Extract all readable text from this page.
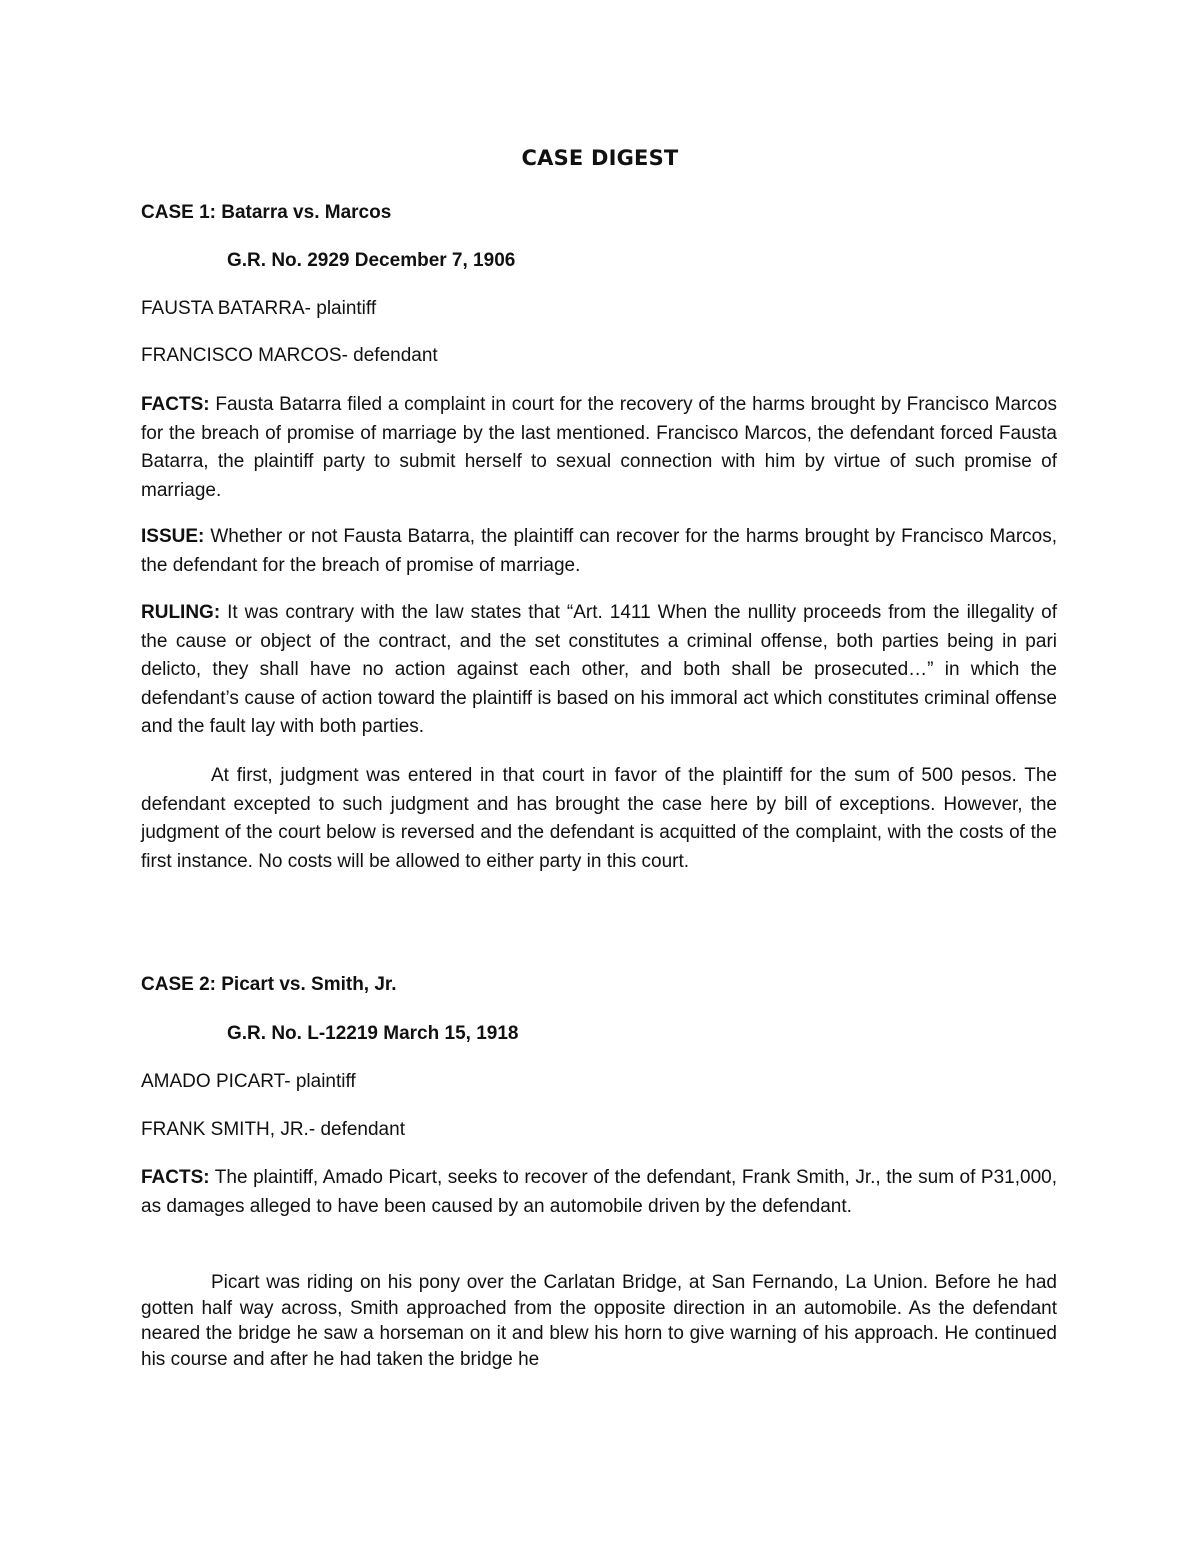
CASE DIGEST
CASE 1: Batarra vs. Marcos
G.R. No. 2929 December 7, 1906
FAUSTA BATARRA- plaintiff
FRANCISCO MARCOS- defendant
FACTS: Fausta Batarra filed a complaint in court for the recovery of the harms brought by Francisco Marcos for the breach of promise of marriage by the last mentioned. Francisco Marcos, the defendant forced Fausta Batarra, the plaintiff party to submit herself to sexual connection with him by virtue of such promise of marriage.
ISSUE: Whether or not Fausta Batarra, the plaintiff can recover for the harms brought by Francisco Marcos, the defendant for the breach of promise of marriage.
RULING: It was contrary with the law states that “Art. 1411 When the nullity proceeds from the illegality of the cause or object of the contract, and the set constitutes a criminal offense, both parties being in pari delicto, they shall have no action against each other, and both shall be prosecuted…” in which the defendant’s cause of action toward the plaintiff is based on his immoral act which constitutes criminal offense and the fault lay with both parties.
At first, judgment was entered in that court in favor of the plaintiff for the sum of 500 pesos. The defendant excepted to such judgment and has brought the case here by bill of exceptions. However, the judgment of the court below is reversed and the defendant is acquitted of the complaint, with the costs of the first instance. No costs will be allowed to either party in this court.
CASE 2: Picart vs. Smith, Jr.
G.R. No. L-12219 March 15, 1918
AMADO PICART- plaintiff
FRANK SMITH, JR.- defendant
FACTS: The plaintiff, Amado Picart, seeks to recover of the defendant, Frank Smith, Jr., the sum of P31,000, as damages alleged to have been caused by an automobile driven by the defendant.
Picart was riding on his pony over the Carlatan Bridge, at San Fernando, La Union. Before he had gotten half way across, Smith approached from the opposite direction in an automobile. As the defendant neared the bridge he saw a horseman on it and blew his horn to give warning of his approach. He continued his course and after he had taken the bridge he
